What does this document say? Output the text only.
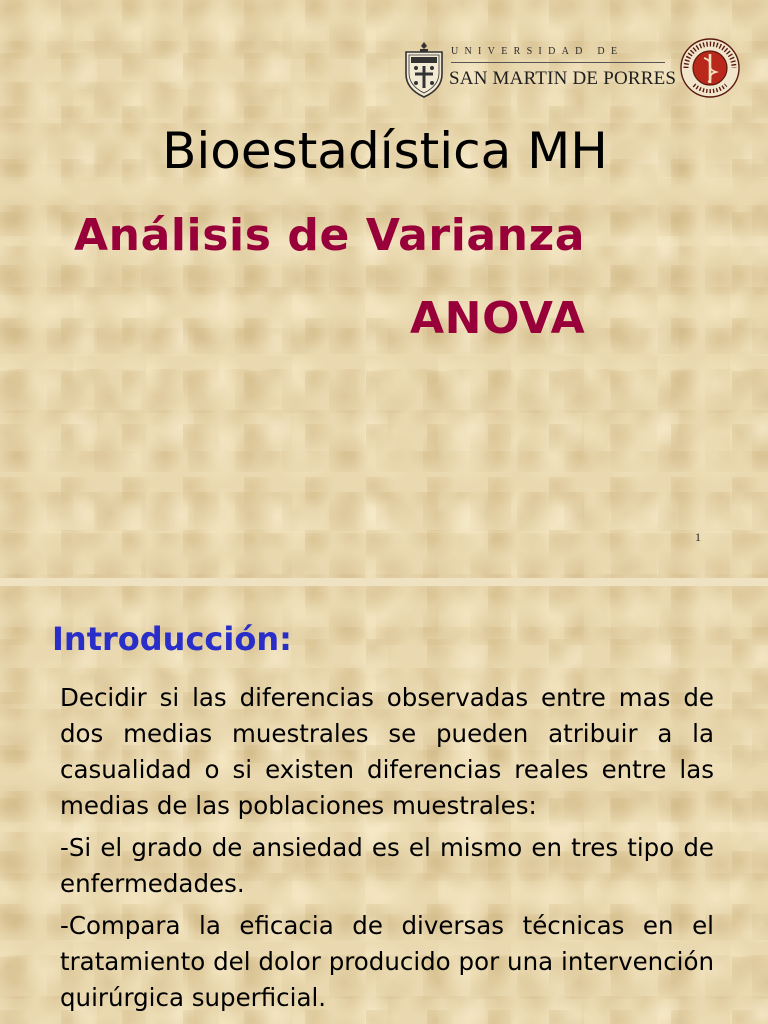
UNIVERSIDAD DE
SAN MARTIN DE PORRES
Bioestadística MH
Análisis de Varianza
ANOVA
1
Introducción:

Decidir si las diferencias observadas entre mas de dos medias muestrales se pueden atribuir a la casualidad o si existen diferencias reales entre las medias de las poblaciones muestrales:

-Si el grado de ansiedad es el mismo en tres tipo de enfermedades.

-Compara la eficacia de diversas técnicas en el tratamiento del dolor producido por una intervención quirúrgica superficial.
